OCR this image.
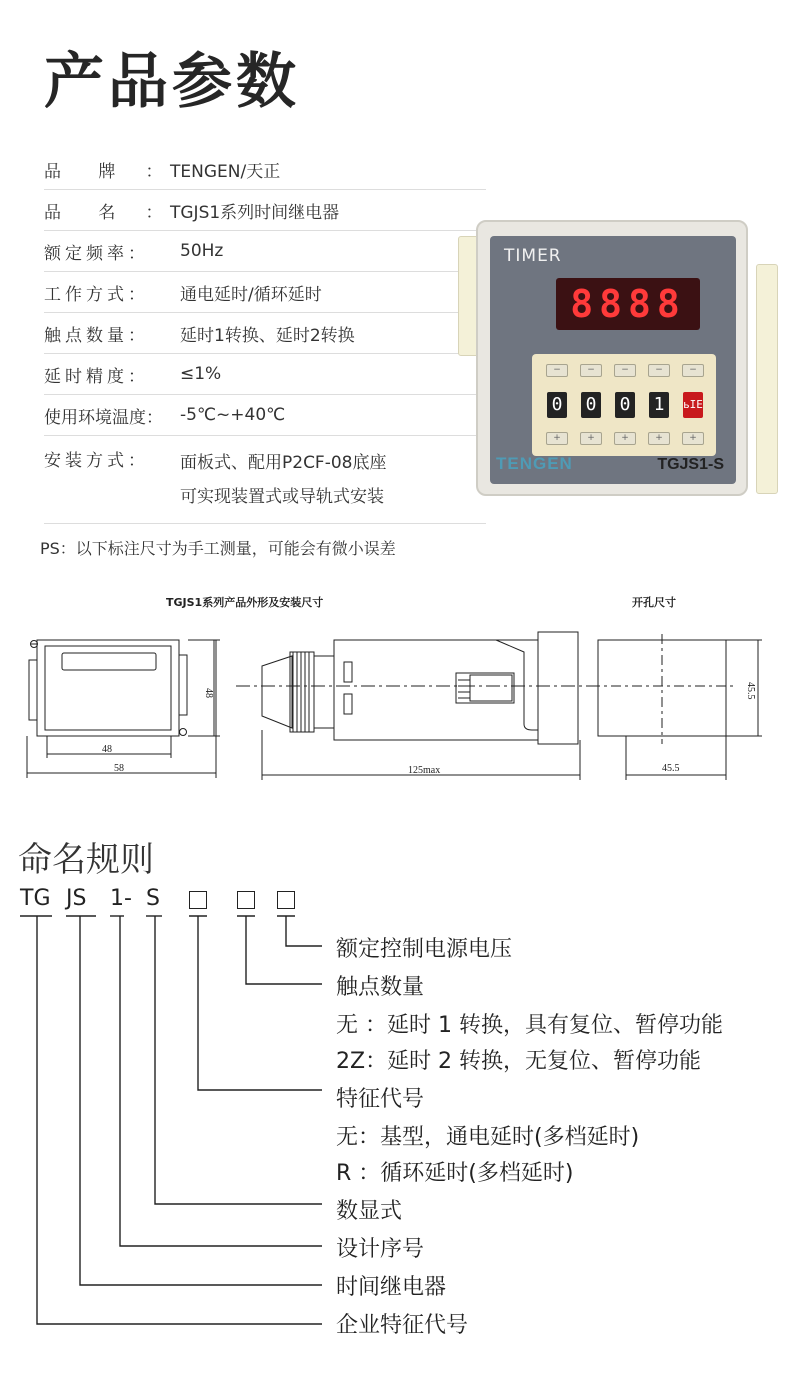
产品参数
品 牌 ： TENGEN/天正
品 名 ： TGJS1系列时间继电器
额定频率：	50Hz
工作方式：	通电延时/循环延时
触点数量：	延时1转换、延时2转换
延时精度：	≤1%
使用环境温度：	-5℃~+40℃
安装方式：	面板式、配用P2CF-08底座
可实现装置式或导轨式安装
PS：以下标注尺寸为手工测量，可能会有微小误差
TIMER
8888
−	−	−	−	−
0 0 0 1	ьIE
+	+	+	+	+
TENGEN	TGJS1-S
TGJS1系列产品外形及安装尺寸	开孔尺寸
48
58
48
125max
45.5
45.5
命名规则
TG JS 1- S
额定控制电源电压
触点数量
无 ：延时 1 转换，具有复位、暂停功能
2Z：延时 2 转换，无复位、暂停功能
特征代号
无：基型，通电延时(多档延时)
R ：循环延时(多档延时)
数显式
设计序号
时间继电器
企业特征代号
